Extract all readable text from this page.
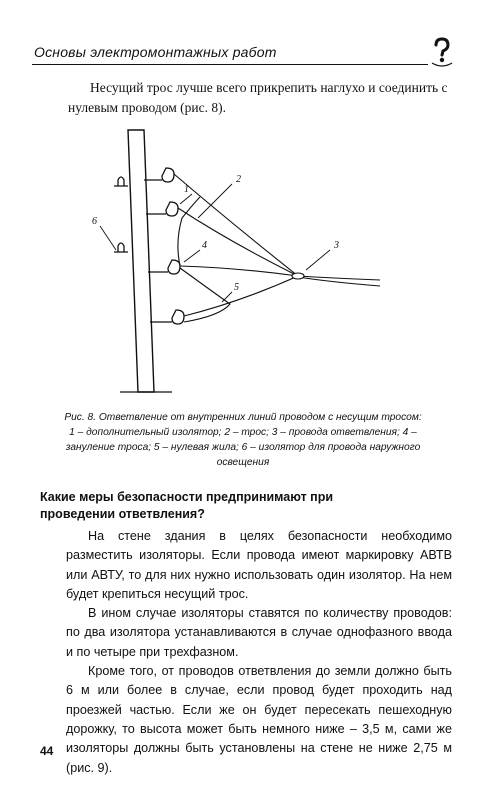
Основы электромонтажных работ
Несущий трос лучше всего прикрепить наглухо и соединить с нулевым проводом (рис. 8).
2
1
3
4
5
6
Рис. 8. Ответвление от внутренних линий проводом с несущим тросом:
1 – дополнительный изолятор; 2 – трос; 3 – провода ответвления; 4 – зануление троса; 5 – нулевая жила; 6 – изолятор для провода наружного освещения
Какие меры безопасности предпринимают при проведении ответвления?

На стене здания в целях безопасности необходимо разместить изоляторы. Если провода имеют маркировку АВТВ или АВТУ, то для них нужно использовать один изолятор. На нем будет крепиться несущий трос.

В ином случае изоляторы ставятся по количеству проводов: по два изолятора устанавливаются в случае однофазного ввода и по четыре при трехфазном.

Кроме того, от проводов ответвления до земли должно быть 6 м или более в случае, если провод будет проходить над проезжей частью. Если же он будет пересекать пешеходную дорожку, то высота может быть немного ниже – 3,5 м, сами же изоляторы должны быть установлены на стене не ниже 2,75 м (рис. 9).

44
